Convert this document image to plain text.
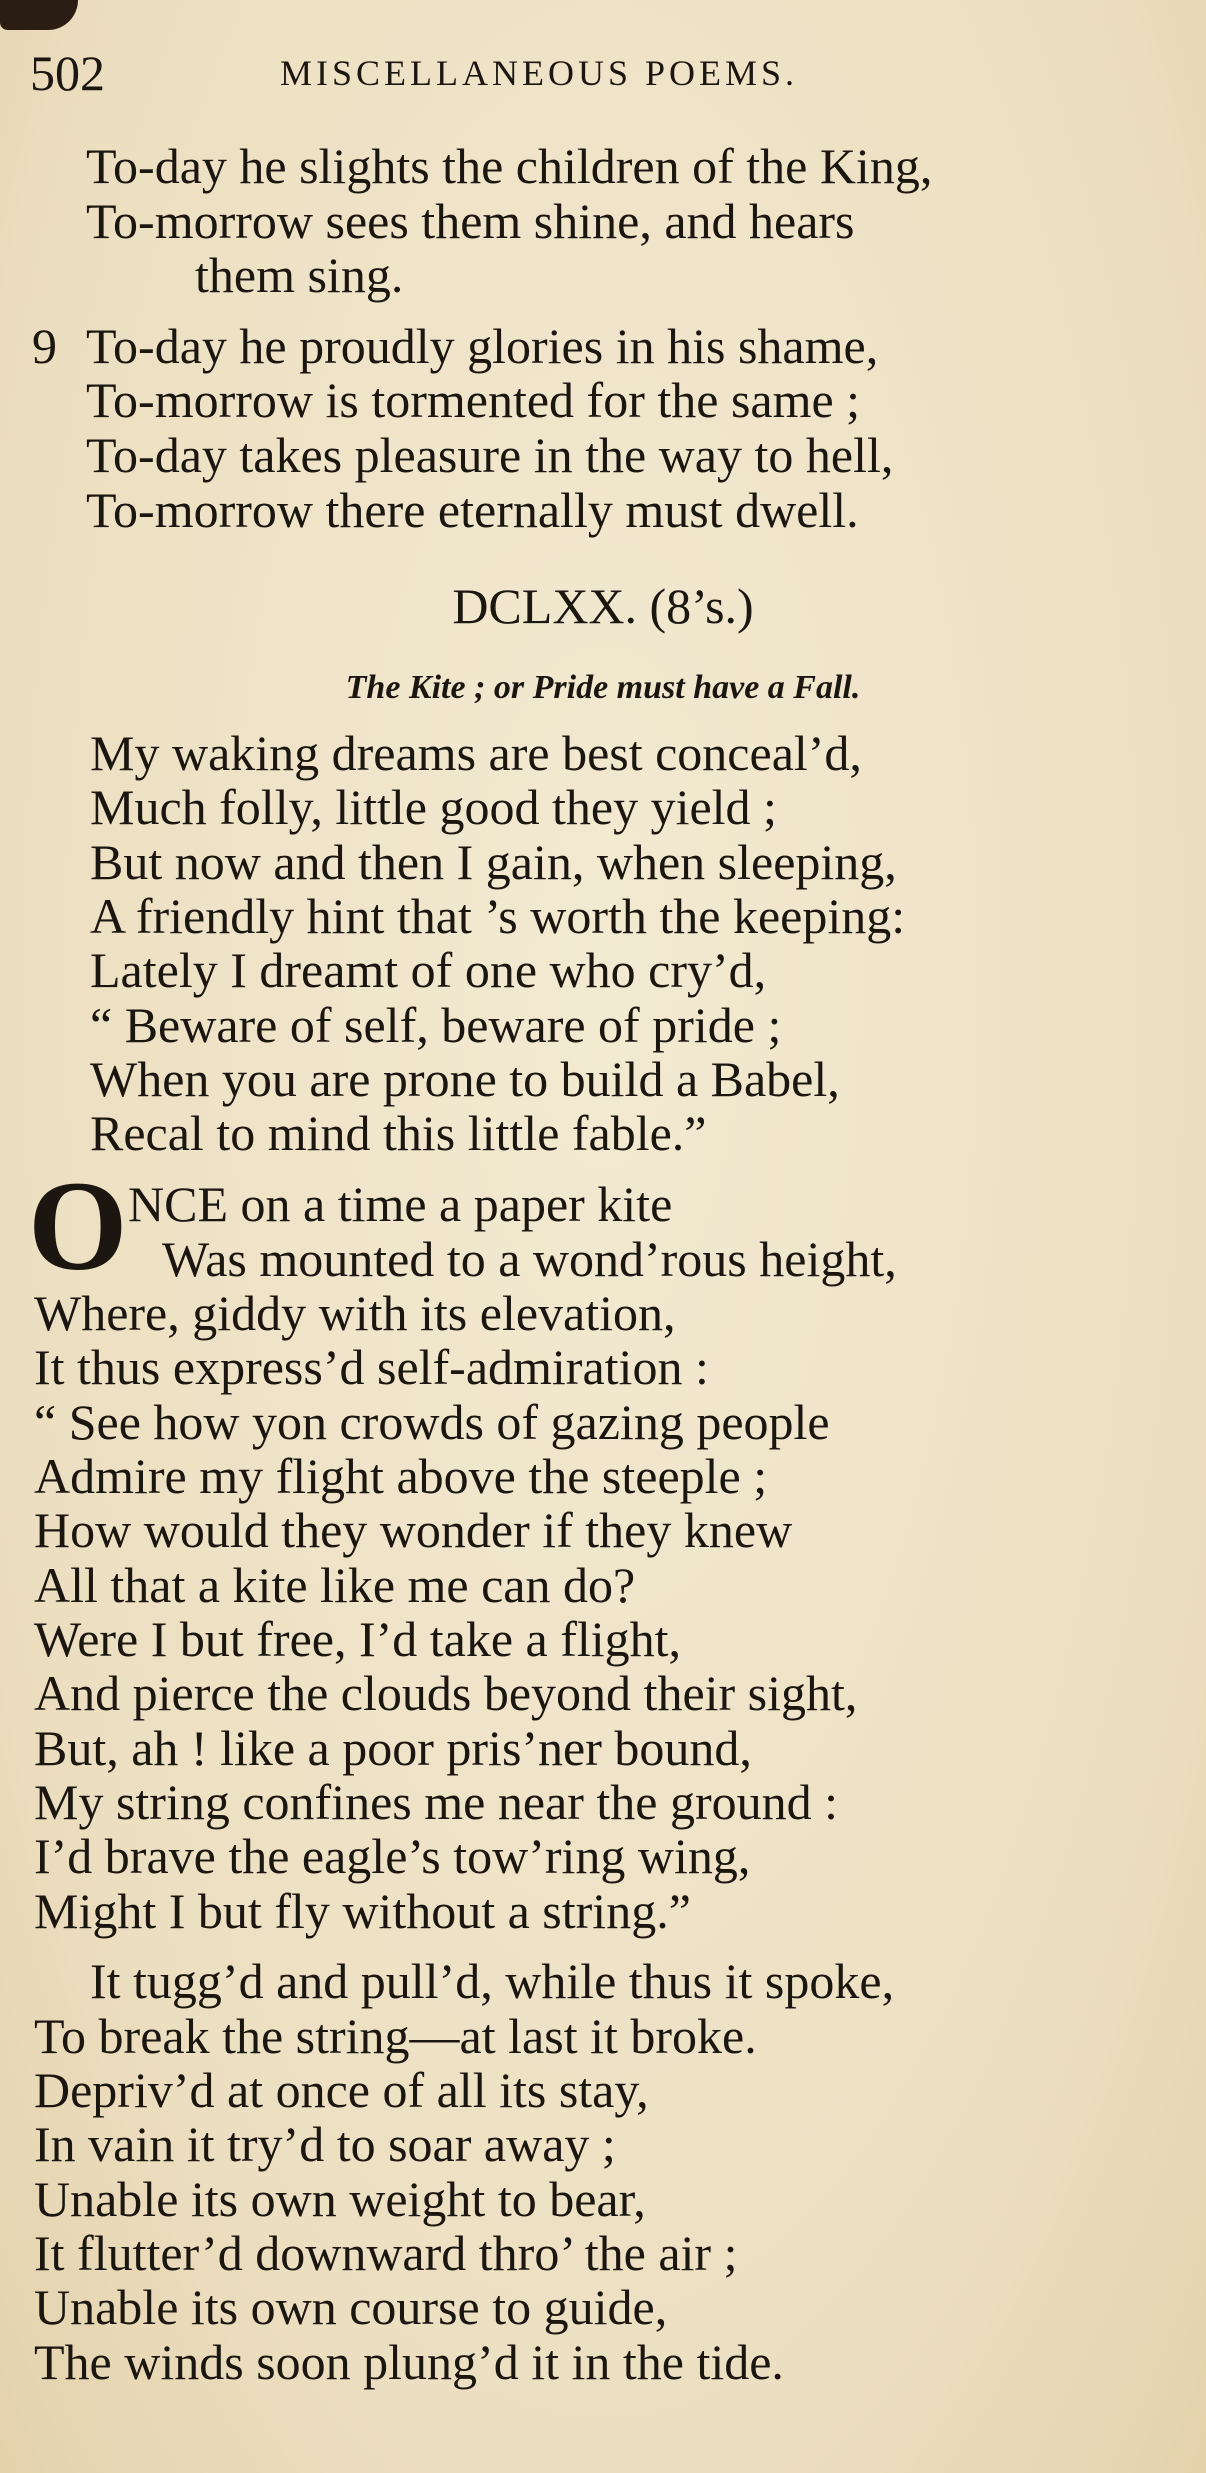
502	MISCELLANEOUS POEMS.
To-day he slights the children of the King,
To-morrow sees them shine, and hears
them sing.
9 To-day he proudly glories in his shame,
To-morrow is tormented for the same ;
To-day takes pleasure in the way to hell,
To-morrow there eternally must dwell.
DCLXX. (8’s.)
The Kite ; or Pride must have a Fall.
My waking dreams are best conceal’d,
Much folly, little good they yield ;
But now and then I gain, when sleeping,
A friendly hint that ’s worth the keeping:
Lately I dreamt of one who cry’d,
“ Beware of self, beware of pride ;
When you are prone to build a Babel,
Recal to mind this little fable.”
O NCE on a time a paper kite
Was mounted to a wond’rous height,
Where, giddy with its elevation,
It thus express’d self-admiration :
“ See how yon crowds of gazing people
Admire my flight above the steeple ;
How would they wonder if they knew
All that a kite like me can do?
Were I but free, I’d take a flight,
And pierce the clouds beyond their sight,
But, ah ! like a poor pris’ner bound,
My string confines me near the ground :
I’d brave the eagle’s tow’ring wing,
Might I but fly without a string.”
It tugg’d and pull’d, while thus it spoke,
To break the string—at last it broke.
Depriv’d at once of all its stay,
In vain it try’d to soar away ;
Unable its own weight to bear,
It flutter’d downward thro’ the air ;
Unable its own course to guide,
The winds soon plung’d it in the tide.
